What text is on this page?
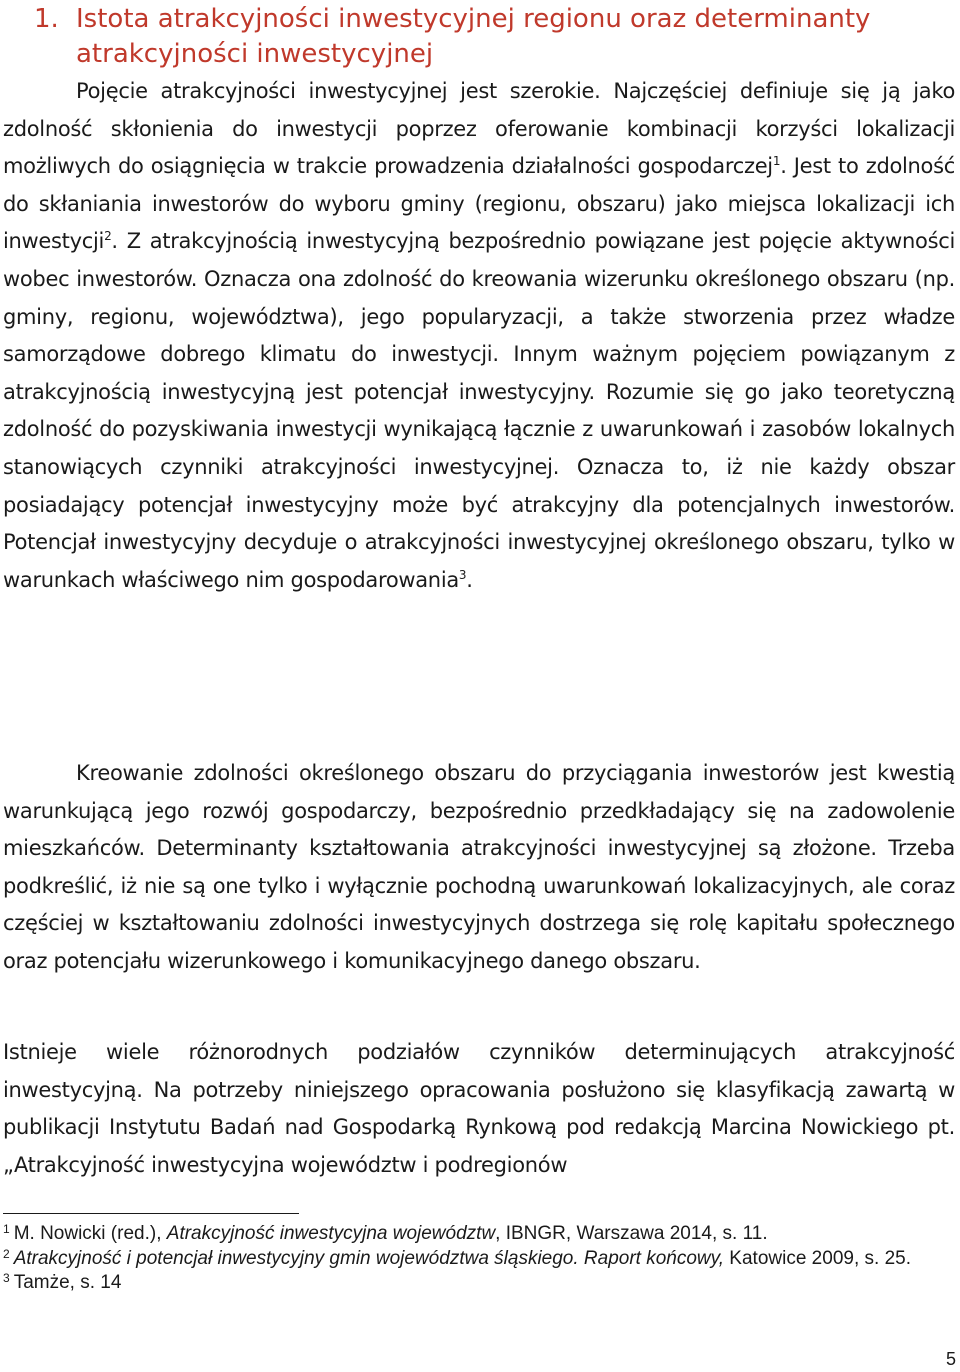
1. Istota atrakcyjności inwestycyjnej regionu oraz determinanty atrakcyjności inwestycyjnej

Pojęcie atrakcyjności inwestycyjnej jest szerokie. Najczęściej definiuje się ją jako zdolność skłonienia do inwestycji poprzez oferowanie kombinacji korzyści lokalizacji możliwych do osiągnięcia w trakcie prowadzenia działalności gospodarczej$^1$. Jest to zdolność do skłaniania inwestorów do wyboru gminy (regionu, obszaru) jako miejsca lokalizacji ich inwestycji$^2$. Z atrakcyjnością inwestycyjną bezpośrednio powiązane jest pojęcie aktywności wobec inwestorów. Oznacza ona zdolność do kreowania wizerunku określonego obszaru (np. gminy, regionu, województwa), jego popularyzacji, a także stworzenia przez władze samorządowe dobrego klimatu do inwestycji. Innym ważnym pojęciem powiązanym z atrakcyjnością inwestycyjną jest potencjał inwestycyjny. Rozumie się go jako teoretyczną zdolność do pozyskiwania inwestycji wynikającą łącznie z uwarunkowań i zasobów lokalnych stanowiących czynniki atrakcyjności inwestycyjnej. Oznacza to, iż nie każdy obszar posiadający potencjał inwestycyjny może być atrakcyjny dla potencjalnych inwestorów. Potencjał inwestycyjny decyduje o atrakcyjności inwestycyjnej określonego obszaru, tylko w warunkach właściwego nim gospodarowania$^3$.

Kreowanie zdolności określonego obszaru do przyciągania inwestorów jest kwestią warunkującą jego rozwój gospodarczy, bezpośrednio przedkładający się na zadowolenie mieszkańców. Determinanty kształtowania atrakcyjności inwestycyjnej są złożone. Trzeba podkreślić, iż nie są one tylko i wyłącznie pochodną uwarunkowań lokalizacyjnych, ale coraz częściej w kształtowaniu zdolności inwestycyjnych dostrzega się rolę kapitału społecznego oraz potencjału wizerunkowego i komunikacyjnego danego obszaru.

Istnieje wiele różnorodnych podziałów czynników determinujących atrakcyjność inwestycyjną. Na potrzeby niniejszego opracowania posłużono się klasyfikacją zawartą w publikacji Instytutu Badań nad Gospodarką Rynkową pod redakcją Marcina Nowickiego pt. „Atrakcyjność inwestycyjna województw i podregionów

$^1$ M. Nowicki (red.), Atrakcyjność inwestycyjna województw, IBNGR, Warszawa 2014, s. 11.

$^2$ Atrakcyjność i potencjał inwestycyjny gmin województwa śląskiego. Raport końcowy, Katowice 2009, s. 25.

$^3$ Tamże, s. 14

5
